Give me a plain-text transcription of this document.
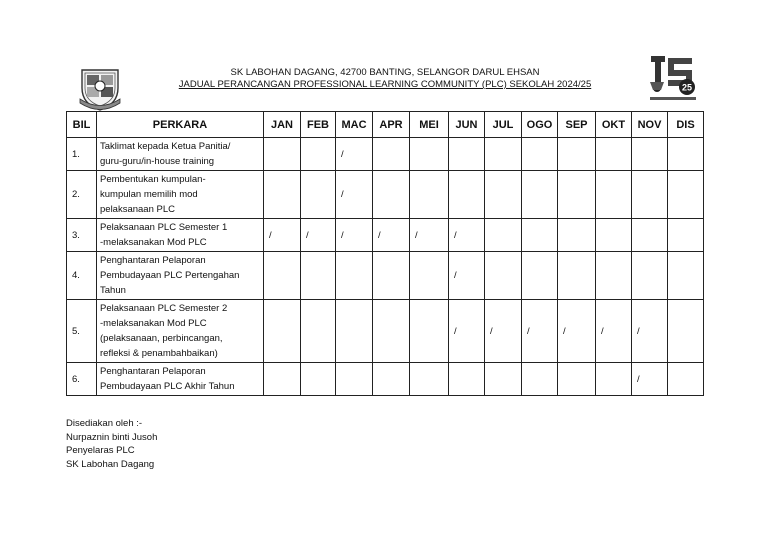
SK LABOHAN DAGANG, 42700 BANTING, SELANGOR DARUL EHSAN
JADUAL PERANCANGAN PROFESSIONAL LEARNING COMMUNITY (PLC) SEKOLAH 2024/25	25
BIL	PERKARA	JAN	FEB	MAC	APR	MEI	JUN	JUL	OGO	SEP	OKT	NOV	DIS
1.	Taklimat kepada Ketua Panitia/
guru-guru/in-house training			/									
2.	Pembentukan kumpulan-
kumpulan memilih mod
pelaksanaan PLC			/									
3.	Pelaksanaan PLC Semester 1
-melaksanakan Mod PLC	/	/	/	/	/	/						
4.	Penghantaran Pelaporan
Pembudayaan PLC Pertengahan
Tahun						/						
5.	Pelaksanaan PLC Semester 2
-melaksanakan Mod PLC
(pelaksanaan, perbincangan,
refleksi & penambahbaikan)						/	/	/	/	/	/	
6.	Penghantaran Pelaporan
Pembudayaan PLC Akhir Tahun											/	
Disediakan oleh :-
Nurpaznin binti Jusoh
Penyelaras PLC
SK Labohan Dagang
